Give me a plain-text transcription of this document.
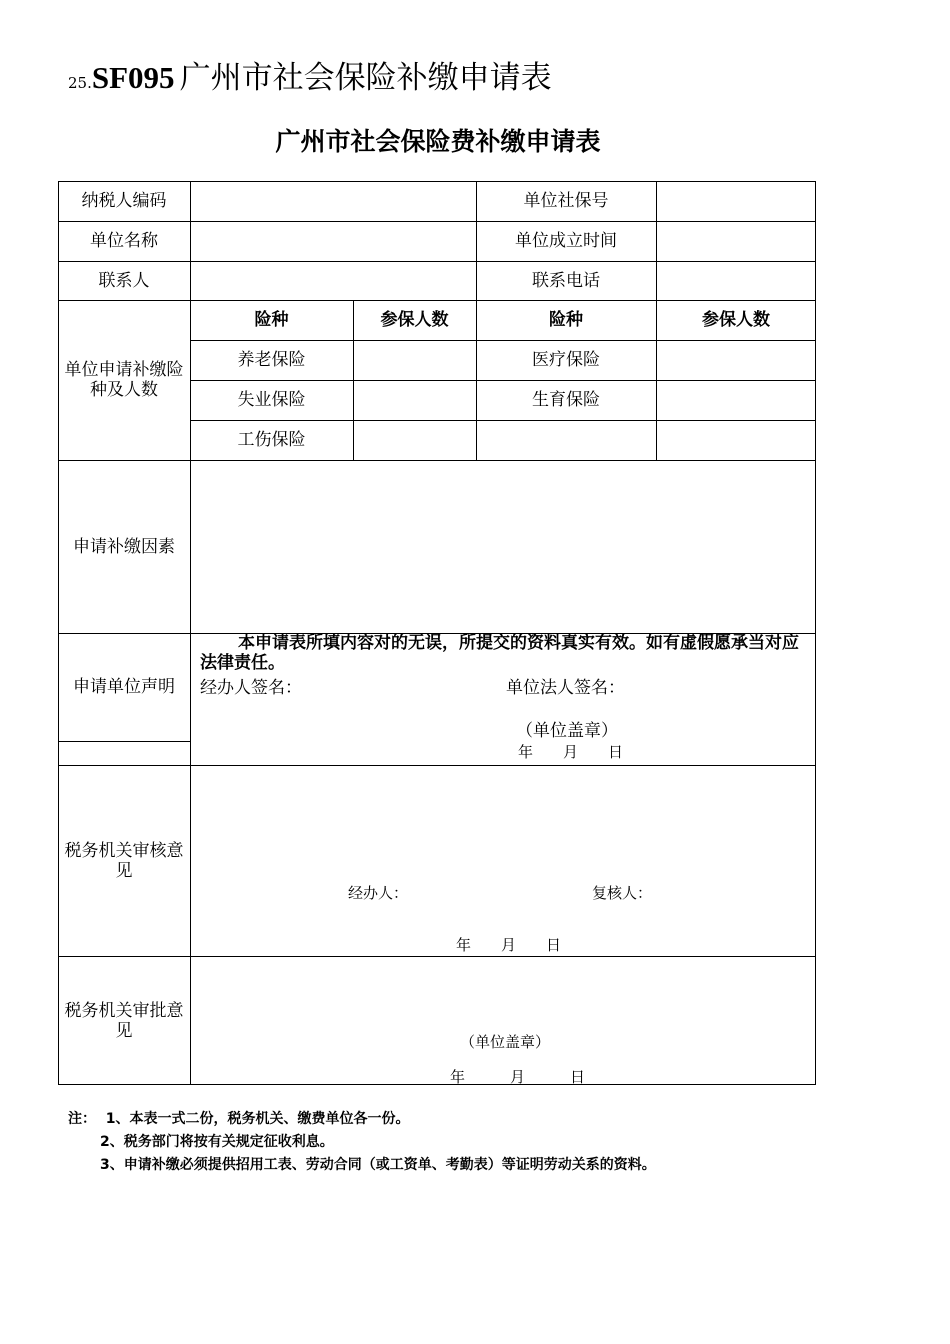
25.SF095 广州市社会保险补缴申请表
广州市社会保险费补缴申请表
纳税人编码	单位社保号
单位名称	单位成立时间
联系人	联系电话
单位申请补缴险种及人数
险种	参保人数	险种	参保人数
养老保险	医疗保险
失业保险	生育保险
工伤保险
申请补缴因素
申请单位声明
本申请表所填内容对的无误，所提交的资料真实有效。如有虚假愿承当对应法律责任。
经办人签名：	单位法人签名：
（单位盖章）
年　　月　　日
税务机关审核意见
经办人：	复核人：
年　　月　　日
税务机关审批意见
（单位盖章）
年　　　月　　　日
注：  1、本表一式二份，税务机关、缴费单位各一份。
2、税务部门将按有关规定征收利息。
3、申请补缴必须提供招用工表、劳动合同（或工资单、考勤表）等证明劳动关系的资料。
